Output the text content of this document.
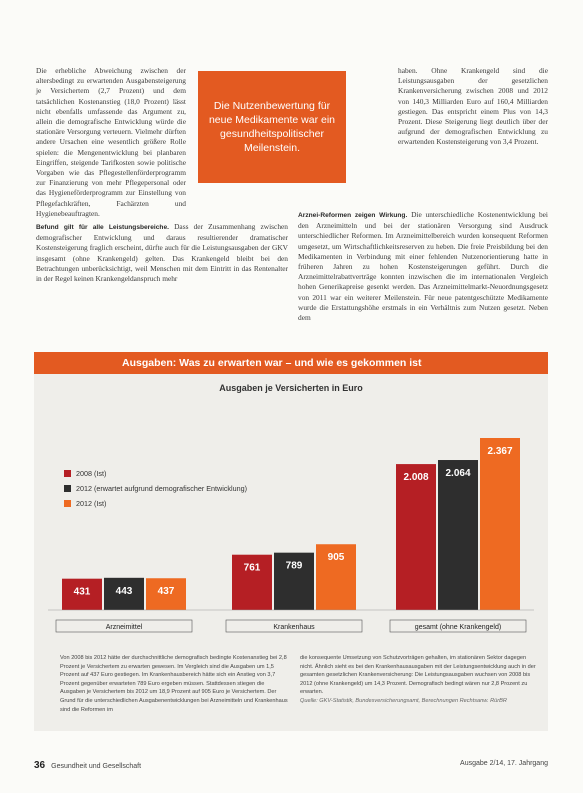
Die erhebliche Abweichung zwischen der altersbedingt zu erwartenden Ausgabensteigerung je Versichertem (2,7 Prozent) und dem tatsächlichen Kostenanstieg (18,0 Prozent) lässt nicht ebenfalls umfassende das Argument zu, allein die demografische Entwicklung würde die stationäre Versorgung verteuern. Vielmehr dürften andere Ursachen eine wesentlich größere Rolle spielen: die Mengenentwicklung bei planbaren Eingriffen, steigende Tarifkosten sowie politische Vorgaben wie das Pflegestellenförderprogramm zur Finanzierung von mehr Pflegepersonal oder das Hygieneförderprogramm zur Einstellung von Pflegefachkräften, Fachärzten und Hygienebeauftragten.

haben. Ohne Krankengeld sind die Leistungsausgaben der gesetzlichen Krankenversicherung zwischen 2008 und 2012 von 140,3 Milliarden Euro auf 160,4 Milliarden gestiegen. Das entspricht einem Plus von 14,3 Prozent. Diese Steigerung liegt deutlich über der aufgrund der demografischen Entwicklung zu erwartenden Kostensteigerung von 3,4 Prozent.

Befund gilt für alle Leistungsbereiche. Dass der Zusammenhang zwischen demografischer Entwicklung und daraus resultierender dramatischer Kostensteigerung fraglich erscheint, dürfte auch für die Leistungsausgaben der GKV insgesamt (ohne Krankengeld) gelten. Das Krankengeld bleibt bei den Betrachtungen unberücksichtigt, weil Menschen mit dem Eintritt in das Rentenalter in der Regel keinen Krankengeldanspruch mehr

Arznei-Reformen zeigen Wirkung. Die unterschiedliche Kostenentwicklung bei den Arzneimitteln und bei der stationären Versorgung sind Ausdruck unterschiedlicher Reformen. Im Arzneimittelbereich wurden konsequent Reformen umgesetzt, um Wirtschaftlichkeitsreserven zu heben. Die freie Preisbildung bei den Medikamenten in Verbindung mit einer fehlenden Nutzenorientierung hatte in früheren Jahren zu hohen Kostensteigerungen geführt. Durch die Arzneimittelrabattverträge konnten inzwischen die im internationalen Vergleich hohen Generikapreise gesenkt werden. Das Arzneimittelmarkt-Neuordnungsgesetz von 2011 war ein weiterer Meilenstein. Für neue patentgeschützte Medikamente wurde die Erstattungshöhe erstmals in ein Verhältnis zum Nutzen gesetzt. Neben dem

Die Nutzenbewertung für neue Medikamente war ein gesundheitspolitischer Meilenstein.
Ausgaben: Was zu erwarten war – und wie es gekommen ist
Ausgaben je Versicherten in Euro
2008 (Ist)
2012 (erwartet aufgrund demografischer Entwicklung)
2012 (Ist)
431	443	437
Arzneimittel
761	789
905
Krankenhaus
2.008 2.064
2.367
gesamt (ohne Krankengeld)
Von 2008 bis 2012 hätte der durchschnittliche demografisch bedingte Kostenanstieg bei 2,8 Prozent je Versichertem zu erwarten gewesen. Im Vergleich sind die Ausgaben um 1,5 Prozent auf 437 Euro gestiegen. Im Krankenhausbereich hätte sich ein Anstieg von 3,7 Prozent gegenüber erwarteten 789 Euro ergeben müssen. Stattdessen stiegen die Ausgaben je Versichertem bis 2012 um 18,9 Prozent auf 905 Euro je Versichertem. Der Grund für die unterschiedlichen Ausgabenentwicklungen bei Arzneimitteln und Krankenhaus sind die Reformen im
die konsequente Umsetzung von Schutzvorträgen gehalten, im stationären Sektor dagegen nicht. Ähnlich sieht es bei den Krankenhausausgaben mit der Leistungsentwicklung auch in der gesamten gesetzlichen Krankenversicherung: Die Leistungsausgaben wuchsen von 2008 bis 2012 (ohne Krankengeld) um 14,3 Prozent. Demografisch bedingt wären nur 2,8 Prozent zu erwarten.
Quelle: GKV-Statistik, Bundesversicherungsamt, Berechnungen Rechtsanw. RürBR
36 Gesundheit und Gesellschaft	Ausgabe 2/14, 17. Jahrgang
